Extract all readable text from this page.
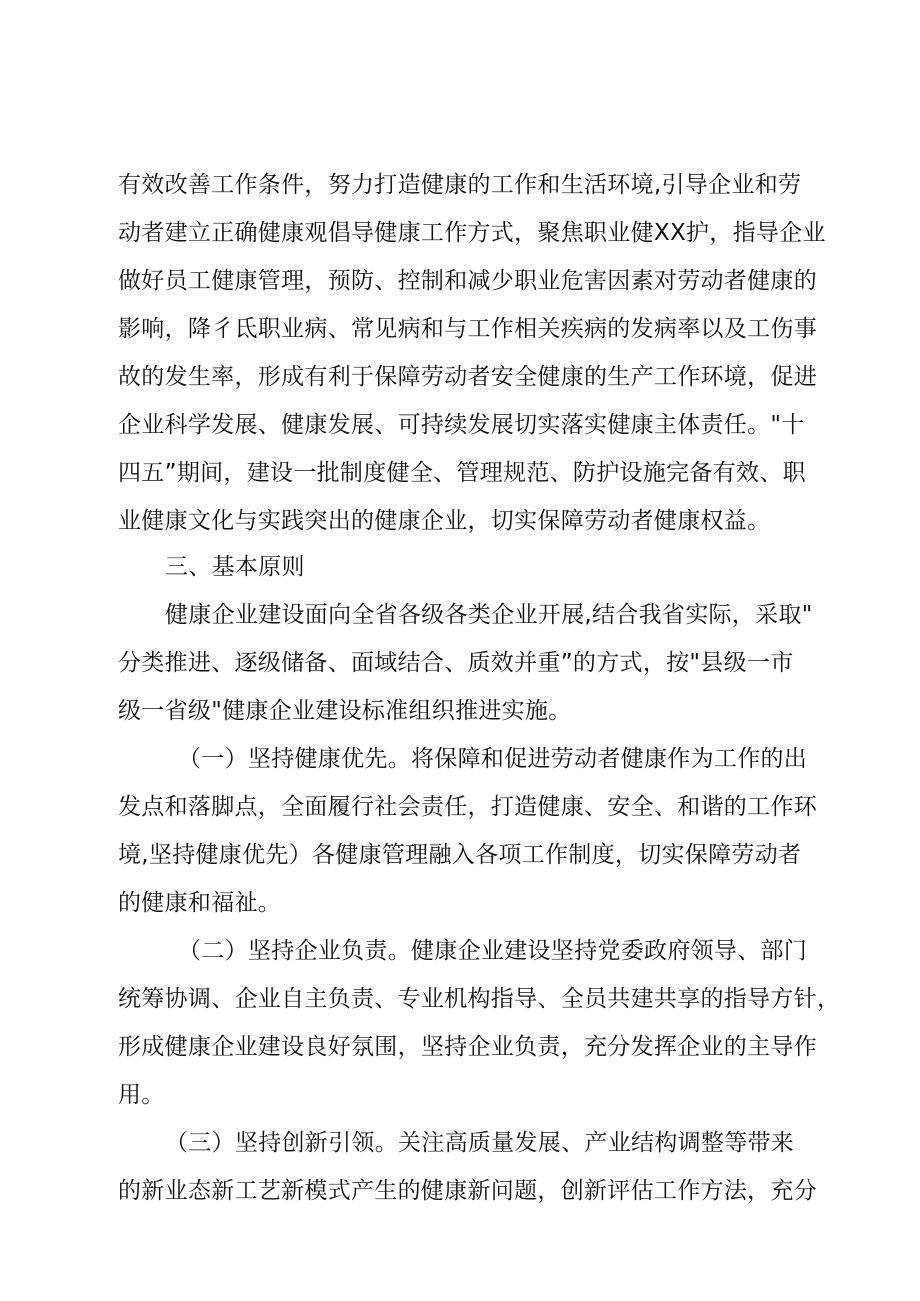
有效改善工作条件，努力打造健康的工作和生活环境,引导企业和劳
动者建立正确健康观倡导健康工作方式，聚焦职业健XX护，指导企业
做好员工健康管理，预防、控制和减少职业危害因素对劳动者健康的
影响，降彳氐职业病、常见病和与工作相关疾病的发病率以及工伤事
故的发生率，形成有利于保障劳动者安全健康的生产工作环境，促进
企业科学发展、健康发展、可持续发展切实落实健康主体责任。"十
四五”期间，建设一批制度健全、管理规范、防护设施完备有效、职
业健康文化与实践突出的健康企业，切实保障劳动者健康权益。
三、基本原则
健康企业建设面向全省各级各类企业开展,结合我省实际，采取"
分类推进、逐级储备、面域结合、质效并重”的方式，按"县级一市
级一省级"健康企业建设标准组织推进实施。
（一）坚持健康优先。将保障和促进劳动者健康作为工作的出
发点和落脚点，全面履行社会责任，打造健康、安全、和谐的工作环
境,坚持健康优先）各健康管理融入各项工作制度，切实保障劳动者
的健康和福祉。
（二）坚持企业负责。健康企业建设坚持党委政府领导、部门
统筹协调、企业自主负责、专业机构指导、全员共建共享的指导方针，
形成健康企业建设良好氛围，坚持企业负责，充分发挥企业的主导作
用。
（三）坚持创新引领。关注高质量发展、产业结构调整等带来
的新业态新工艺新模式产生的健康新问题，创新评估工作方法，充分
